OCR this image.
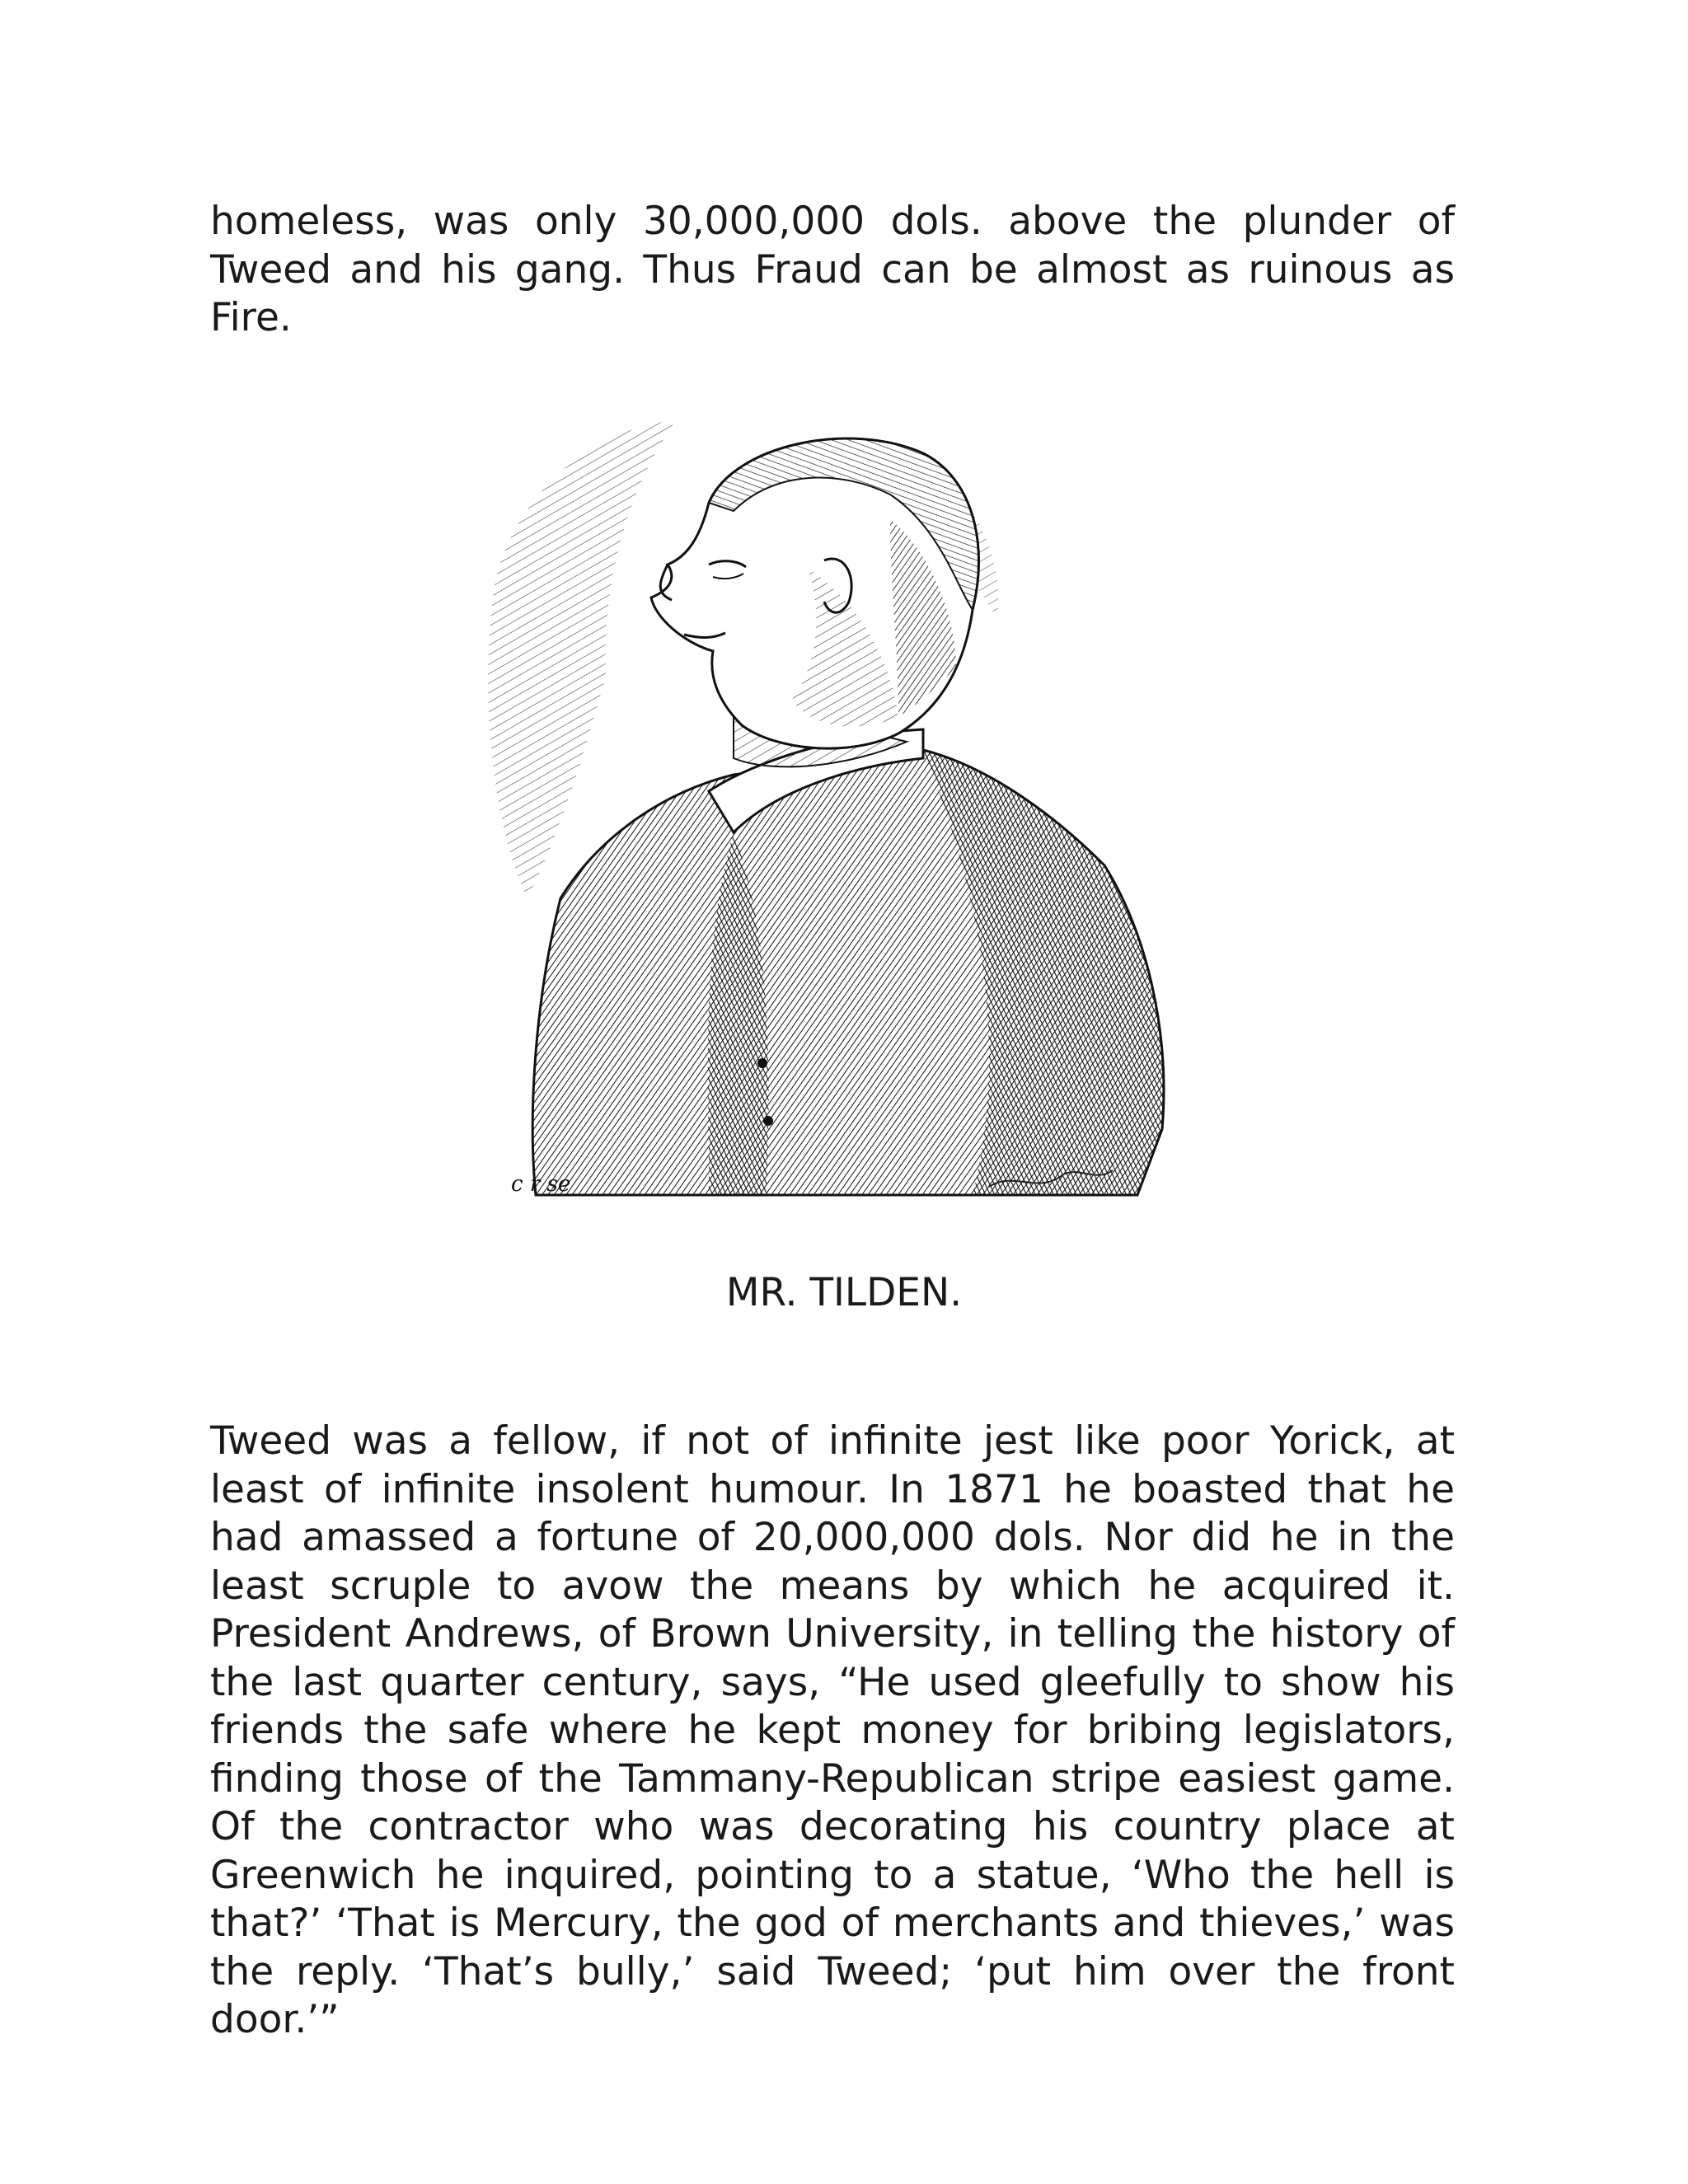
homeless, was only 30,000,000 dols. above the plunder of Tweed and his gang. Thus Fraud can be almost as ruinous as Fire.

c r se

MR. TILDEN.

Tweed was a fellow, if not of infinite jest like poor Yorick, at least of infinite insolent humour. In 1871 he boasted that he had amassed a fortune of 20,000,000 dols. Nor did he in the least scruple to avow the means by which he acquired it. President Andrews, of Brown University, in telling the history of the last quarter century, says, “He used gleefully to show his friends the safe where he kept money for bribing legislators, finding those of the Tammany-Republican stripe easiest game. Of the contractor who was decorating his country place at Greenwich he inquired, pointing to a statue, ‘Who the hell is that?’ ‘That is Mercury, the god of merchants and thieves,’ was the reply. ‘That’s bully,’ said Tweed; ‘put him over the front door.’”
